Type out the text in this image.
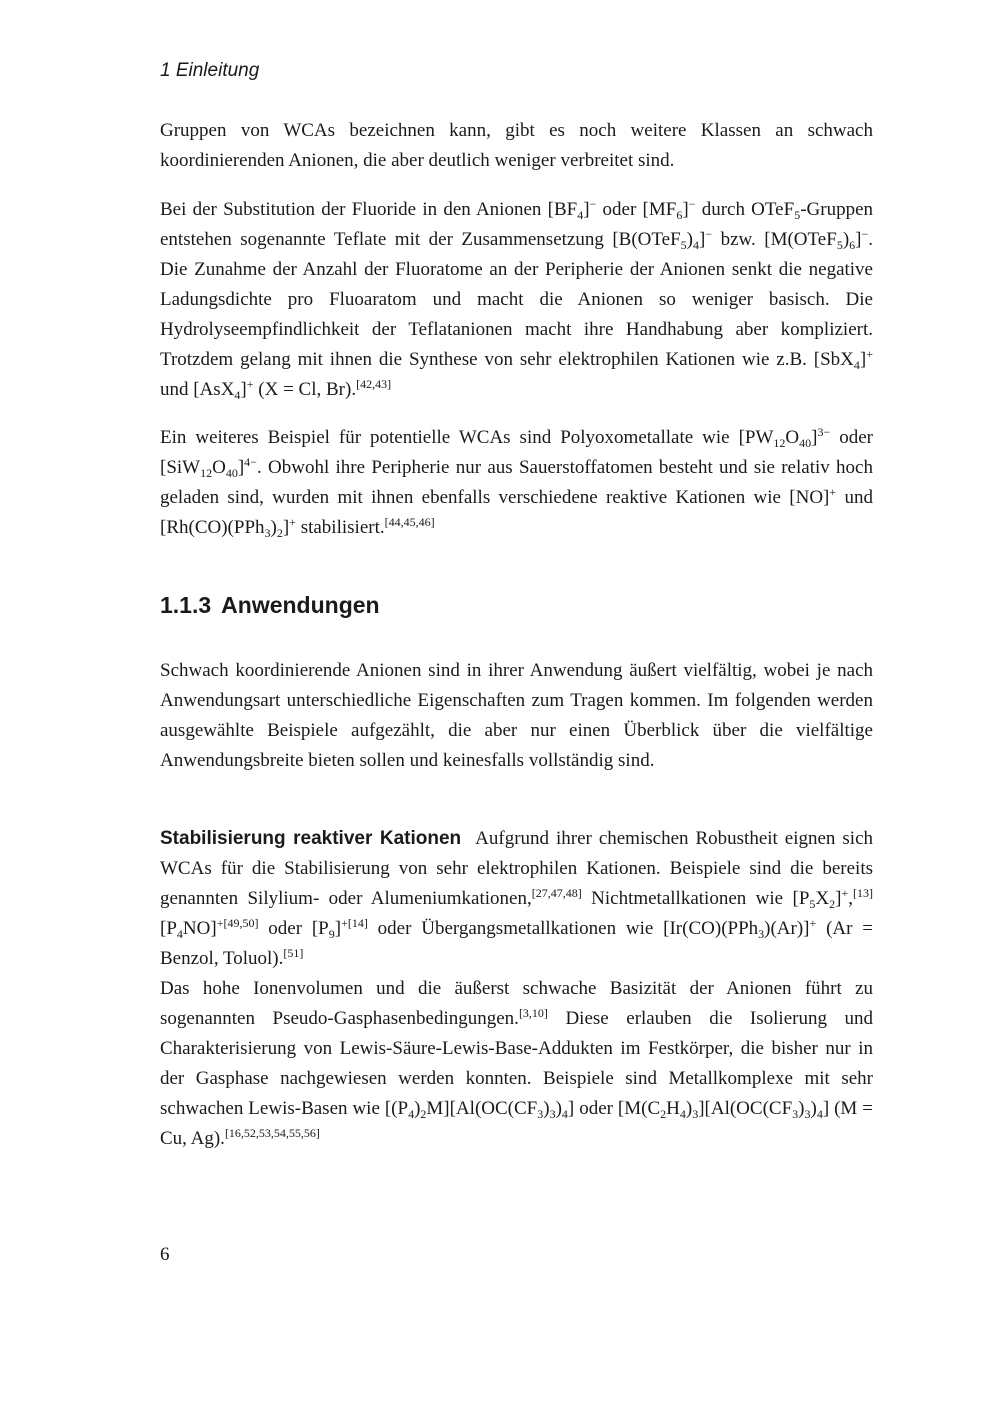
1 Einleitung

Gruppen von WCAs bezeichnen kann, gibt es noch weitere Klassen an schwach koordinierenden Anionen, die aber deutlich weniger verbreitet sind.

Bei der Substitution der Fluoride in den Anionen $[BF_4]^-$ oder $[MF_6]^-$ durch OTeF$_5$-Gruppen entstehen sogenannte Teflate mit der Zusammensetzung $[B(OTeF_5)_4]^-$ bzw. $[M(OTeF_5)_6]^-$. Die Zunahme der Anzahl der Fluoratome an der Peripherie der Anionen senkt die negative Ladungsdichte pro Fluoaratom und macht die Anionen so weniger basisch. Die Hydrolyseempfindlichkeit der Teflatanionen macht ihre Handhabung aber kompliziert. Trotzdem gelang mit ihnen die Synthese von sehr elektrophilen Kationen wie z.B. [SbX$_4$]+ und [AsX$_4$]+ (X = Cl, Br).[42,43]

Ein weiteres Beispiel für potentielle WCAs sind Polyoxometallate wie $[PW_{12}O_{40}]^{3-}$ oder $[SiW_{12}O_{40}]^{4-}$. Obwohl ihre Peripherie nur aus Sauerstoffatomen besteht und sie relativ hoch geladen sind, wurden mit ihnen ebenfalls verschiedene reaktive Kationen wie [NO]+ und $[Rh(CO)(PPh_3)_2]^+$ stabilisiert.[44,45,46]

1.1.3 Anwendungen

Schwach koordinierende Anionen sind in ihrer Anwendung äußert vielfältig, wobei je nach Anwendungsart unterschiedliche Eigenschaften zum Tragen kommen. Im folgenden werden ausgewählte Beispiele aufgezählt, die aber nur einen Überblick über die vielfältige Anwendungsbreite bieten sollen und keinesfalls vollständig sind.

Stabilisierung reaktiver Kationen Aufgrund ihrer chemischen Robustheit eignen sich WCAs für die Stabilisierung von sehr elektrophilen Kationen. Beispiele sind die bereits genannten Silylium- oder Alumeniumkationen,[27,47,48] Nichtmetallkationen wie $[P_5X_2]^+,[13]$ $[P_4NO]^{+[49,50]}$ oder $[P_9]^{+[14]}$ oder Übergangsmetallkationen wie [Ir(CO)(PPh$_3$)(Ar)]+ (Ar = Benzol, Toluol).[51]
Das hohe Ionenvolumen und die äußerst schwache Basizität der Anionen führt zu sogenannten Pseudo-Gasphasenbedingungen.[3,10] Diese erlauben die Isolierung und Charakterisierung von Lewis-Säure-Lewis-Base-Addukten im Festkörper, die bisher nur in der Gasphase nachgewiesen werden konnten. Beispiele sind Metallkomplexe mit sehr schwachen Lewis-Basen wie $[(P_4)_2M][Al(OC(CF_3)_3)_4]$ oder $[M(C_2H_4)_3][Al(OC(CF_3)_3)_4] (M = Cu$, Ag).[16,52,53,54,55,56]

6
